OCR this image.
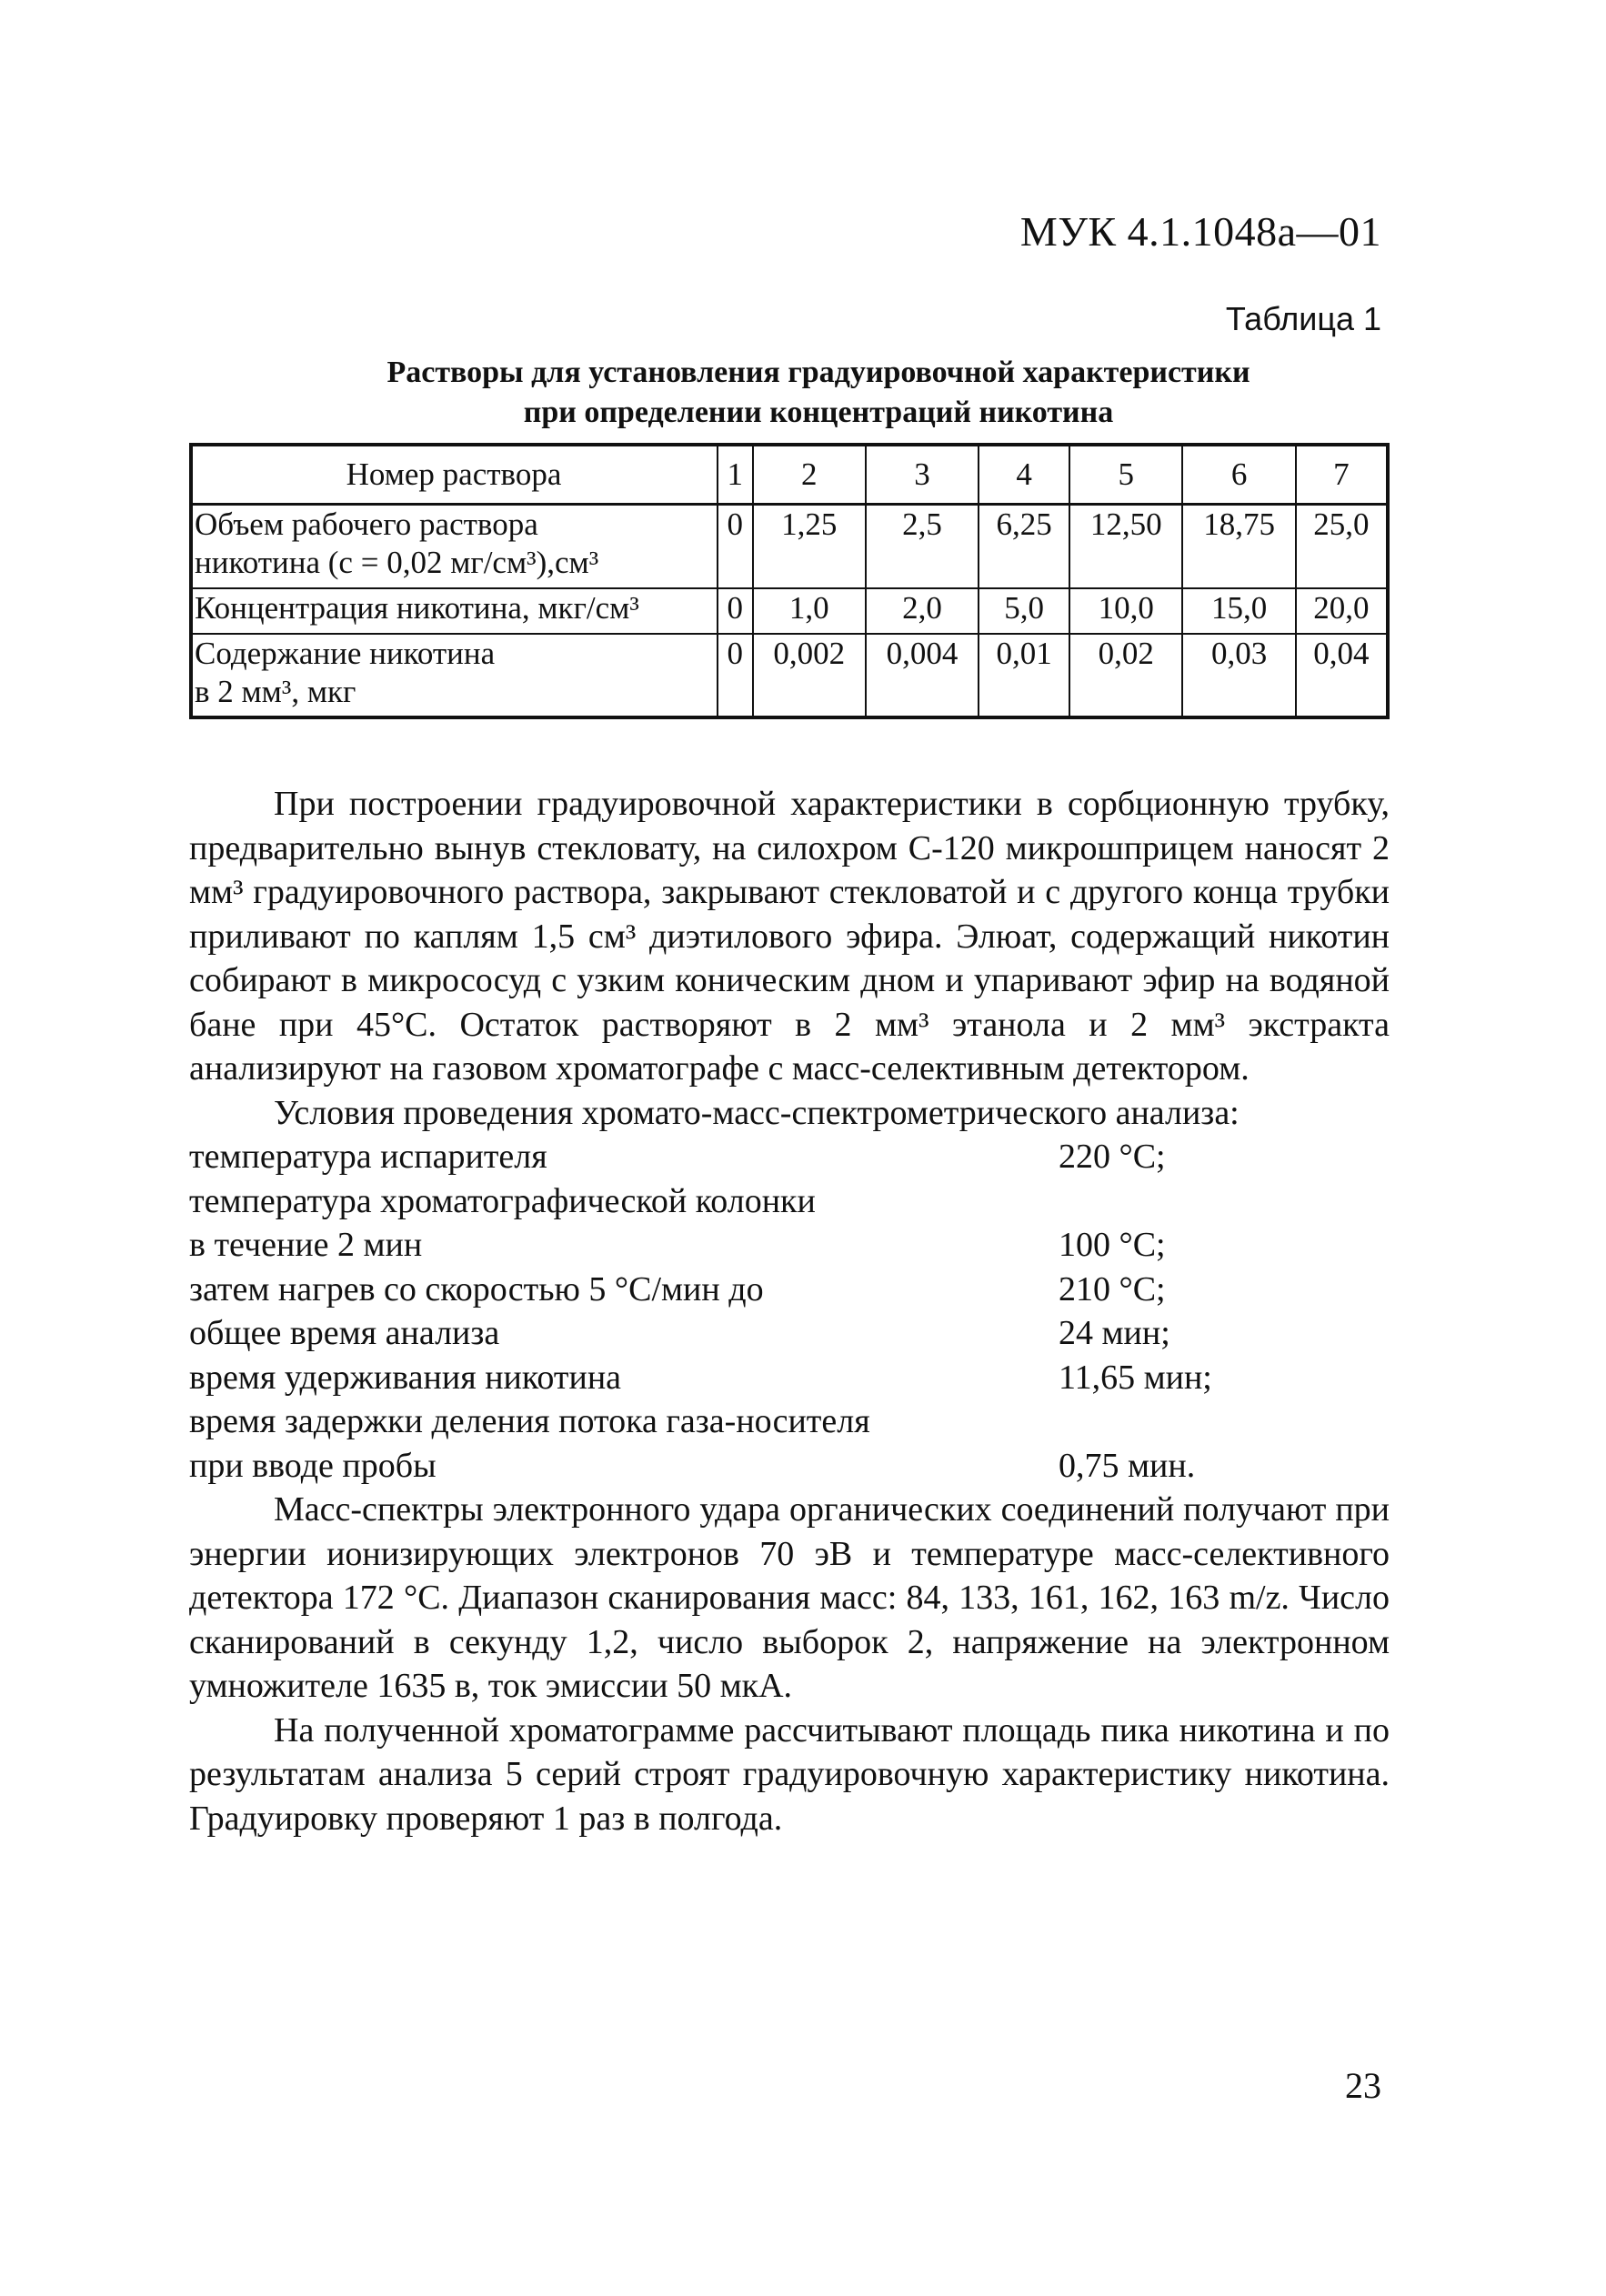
МУК 4.1.1048а—01
Таблица 1
Растворы для установления градуировочной характеристики
при определении концентраций никотина
Номер раствора	1	2	3	4	5	6	7

Объем рабочего раствора
никотина (с = 0,02 мг/см³),см³	0	1,25	2,5	6,25	12,50	18,75	25,0

Концентрация никотина, мкг/см³	0	1,0	2,0	5,0	10,0	15,0	20,0

Содержание никотина
в 2 мм³, мкг	0	0,002	0,004	0,01	0,02	0,03	0,04

При построении градуировочной характеристики в сорбционную трубку, предварительно вынув стекловату, на силохром С-120 микрошприцем наносят 2 мм³ градуировочного раствора, закрывают стекловатой и с другого конца трубки приливают по каплям 1,5 см³ диэтилового эфира. Элюат, содержащий никотин собирают в микрососуд с узким коническим дном и упаривают эфир на водяной бане при 45°С. Остаток растворяют в 2 мм³ этанола и 2 мм³ экстракта анализируют на газовом хроматографе с масс-селективным детектором.

Условия проведения хромато-масс-спектрометрического анализа:

температура испарителя	220 °С;
температура хроматографической колонки
в течение 2 мин	100 °С;
затем нагрев со скоростью 5 °С/мин до	210 °С;
общее время анализа	24 мин;
время удерживания никотина	11,65 мин;
время задержки деления потока газа-носителя
при вводе пробы	0,75 мин.

Масс-спектры электронного удара органических соединений получают при энергии ионизирующих электронов 70 эВ и температуре масс-селективного детектора 172 °С. Диапазон сканирования масс: 84, 133, 161, 162, 163 m/z. Число сканирований в секунду 1,2, число выборок 2, напряжение на электронном умножителе 1635 в, ток эмиссии 50 мкА.

На полученной хроматограмме рассчитывают площадь пика никотина и по результатам анализа 5 серий строят градуировочную характеристику никотина. Градуировку проверяют 1 раз в полгода.

23
